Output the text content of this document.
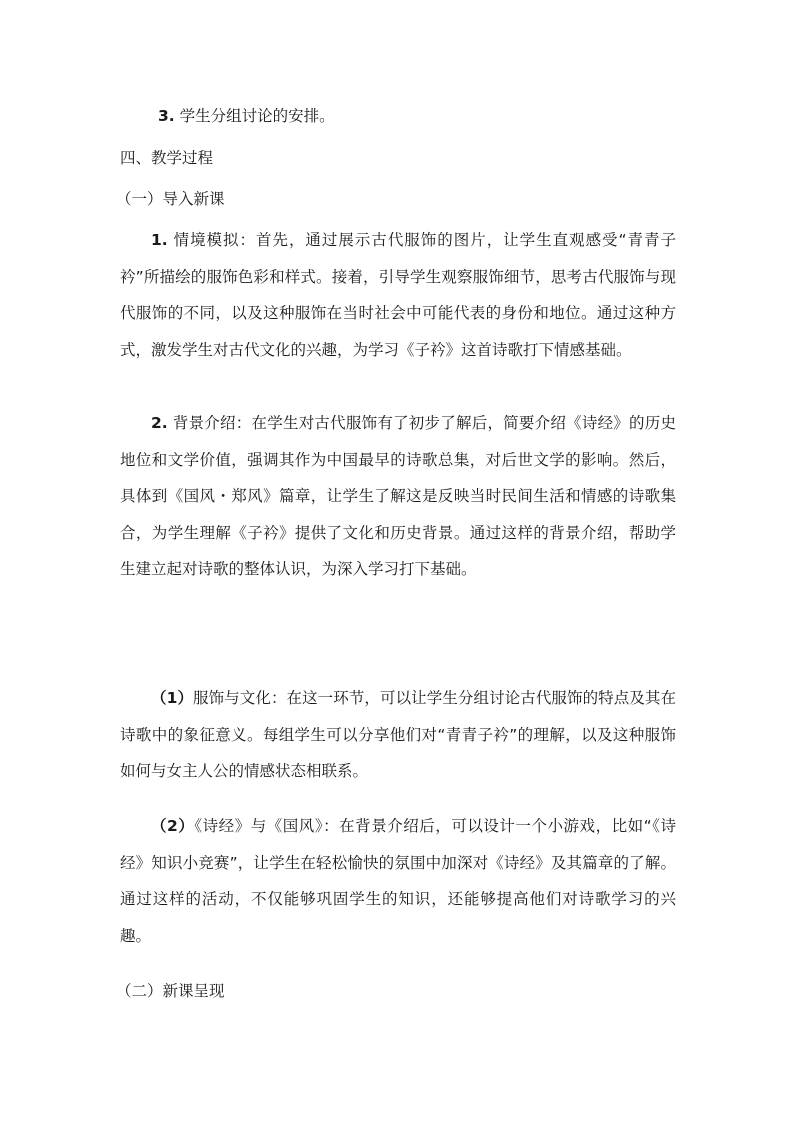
3. 学生分组讨论的安排。
四、教学过程
（一）导入新课

1. 情境模拟：首先，通过展示古代服饰的图片，让学生直观感受“青青子衿”所描绘的服饰色彩和样式。接着，引导学生观察服饰细节，思考古代服饰与现代服饰的不同，以及这种服饰在当时社会中可能代表的身份和地位。通过这种方式，激发学生对古代文化的兴趣，为学习《子衿》这首诗歌打下情感基础。

2. 背景介绍：在学生对古代服饰有了初步了解后，简要介绍《诗经》的历史地位和文学价值，强调其作为中国最早的诗歌总集，对后世文学的影响。然后，具体到《国风・郑风》篇章，让学生了解这是反映当时民间生活和情感的诗歌集合，为学生理解《子衿》提供了文化和历史背景。通过这样的背景介绍，帮助学生建立起对诗歌的整体认识，为深入学习打下基础。

（1）服饰与文化：在这一环节，可以让学生分组讨论古代服饰的特点及其在诗歌中的象征意义。每组学生可以分享他们对“青青子衿”的理解，以及这种服饰如何与女主人公的情感状态相联系。

（2）《诗经》与《国风》：在背景介绍后，可以设计一个小游戏，比如“《诗经》知识小竞赛”，让学生在轻松愉快的氛围中加深对《诗经》及其篇章的了解。通过这样的活动，不仅能够巩固学生的知识，还能够提高他们对诗歌学习的兴趣。

（二）新课呈现
